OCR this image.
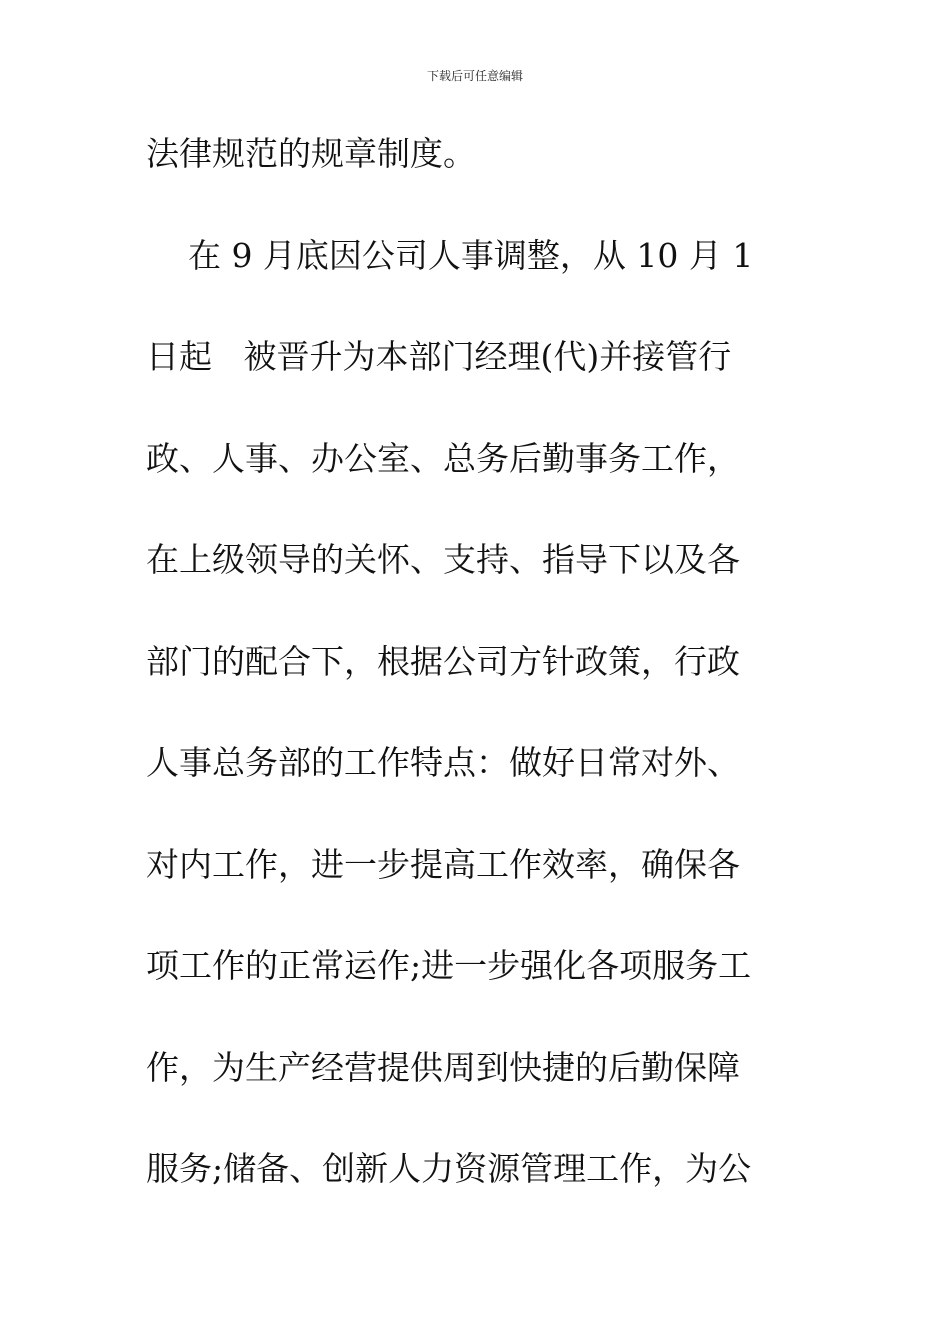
下载后可任意编辑
法律规范的规章制度。
在 9 月底因公司人事调整，从 10 月 1
日起   被晋升为本部门经理(代)并接管行
政、人事、办公室、总务后勤事务工作，
在上级领导的关怀、支持、指导下以及各
部门的配合下，根据公司方针政策，行政
人事总务部的工作特点：做好日常对外、
对内工作，进一步提高工作效率，确保各
项工作的正常运作;进一步强化各项服务工
作，为生产经营提供周到快捷的后勤保障
服务;储备、创新人力资源管理工作，为公
